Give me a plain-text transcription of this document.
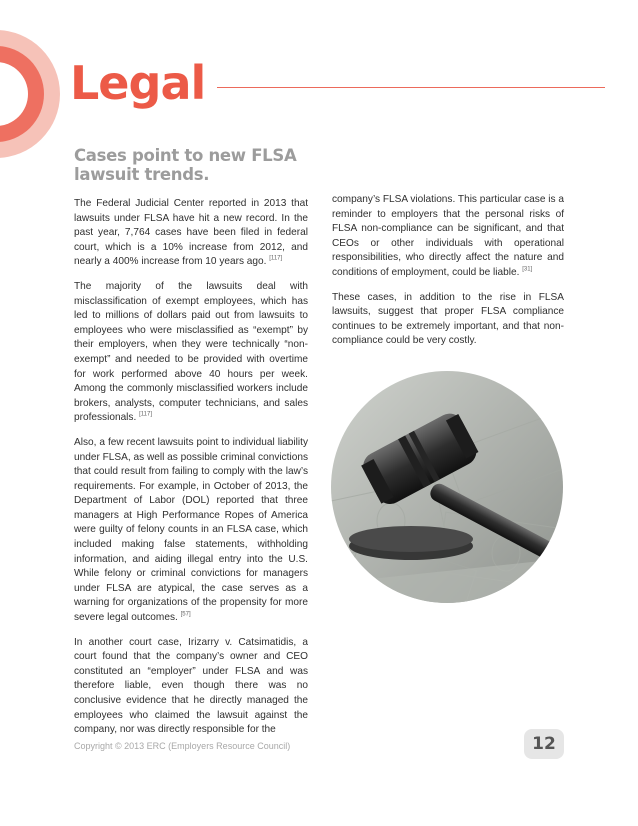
Legal
Cases point to new FLSA lawsuit trends.

The Federal Judicial Center reported in 2013 that lawsuits under FLSA have hit a new record. In the past year, 7,764 cases have been filed in federal court, which is a 10% increase from 2012, and nearly a 400% increase from 10 years ago. [117]

The majority of the lawsuits deal with misclassification of exempt employees, which has led to millions of dollars paid out from lawsuits to employees who were misclassified as “exempt” by their employers, when they were technically “non-exempt” and needed to be provided with overtime for work performed above 40 hours per week. Among the commonly misclassified workers include brokers, analysts, computer technicians, and sales professionals. [117]

Also, a few recent lawsuits point to individual liability under FLSA, as well as possible criminal convictions that could result from failing to comply with the law’s requirements. For example, in October of 2013, the Department of Labor (DOL) reported that three managers at High Performance Ropes of America were guilty of felony counts in an FLSA case, which included making false statements, withholding information, and aiding illegal entry into the U.S. While felony or criminal convictions for managers under FLSA are atypical, the case serves as a warning for organizations of the propensity for more severe legal outcomes. [57]

In another court case, Irizarry v. Catsimatidis, a court found that the company’s owner and CEO constituted an “employer” under FLSA and was therefore liable, even though there was no conclusive evidence that he directly managed the employees who claimed the lawsuit against the company, nor was directly responsible for the

company’s FLSA violations. This particular case is a reminder to employers that the personal risks of FLSA non-compliance can be significant, and that CEOs or other individuals with operational responsibilities, who directly affect the nature and conditions of employment, could be liable. [31]

These cases, in addition to the rise in FLSA lawsuits, suggest that proper FLSA compliance continues to be extremely important, and that non-compliance could be very costly.

Copyright © 2013 ERC (Employers Resource Council)	12
